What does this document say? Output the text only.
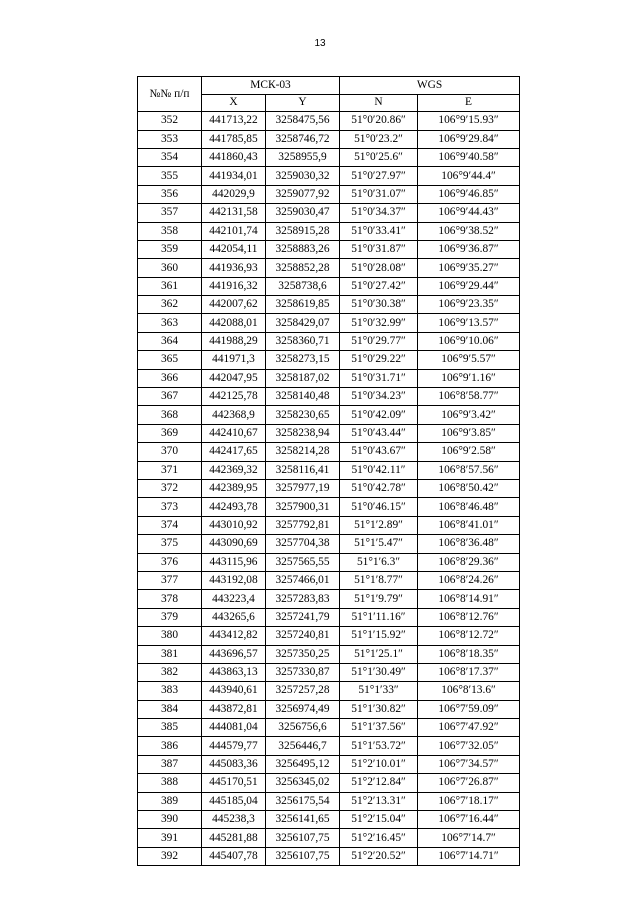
13
№№ п/п	МСК-03		WGS	
	X	Y	N	E
352	441713,22	3258475,56	51°0′20.86″	106°9′15.93″
353	441785,85	3258746,72	51°0′23.2″	106°9′29.84″
354	441860,43	3258955,9	51°0′25.6″	106°9′40.58″
355	441934,01	3259030,32	51°0′27.97″	106°9′44.4″
356	442029,9	3259077,92	51°0′31.07″	106°9′46.85″
357	442131,58	3259030,47	51°0′34.37″	106°9′44.43″
358	442101,74	3258915,28	51°0′33.41″	106°9′38.52″
359	442054,11	3258883,26	51°0′31.87″	106°9′36.87″
360	441936,93	3258852,28	51°0′28.08″	106°9′35.27″
361	441916,32	3258738,6	51°0′27.42″	106°9′29.44″
362	442007,62	3258619,85	51°0′30.38″	106°9′23.35″
363	442088,01	3258429,07	51°0′32.99″	106°9′13.57″
364	441988,29	3258360,71	51°0′29.77″	106°9′10.06″
365	441971,3	3258273,15	51°0′29.22″	106°9′5.57″
366	442047,95	3258187,02	51°0′31.71″	106°9′1.16″
367	442125,78	3258140,48	51°0′34.23″	106°8′58.77″
368	442368,9	3258230,65	51°0′42.09″	106°9′3.42″
369	442410,67	3258238,94	51°0′43.44″	106°9′3.85″
370	442417,65	3258214,28	51°0′43.67″	106°9′2.58″
371	442369,32	3258116,41	51°0′42.11″	106°8′57.56″
372	442389,95	3257977,19	51°0′42.78″	106°8′50.42″
373	442493,78	3257900,31	51°0′46.15″	106°8′46.48″
374	443010,92	3257792,81	51°1′2.89″	106°8′41.01″
375	443090,69	3257704,38	51°1′5.47″	106°8′36.48″
376	443115,96	3257565,55	51°1′6.3″	106°8′29.36″
377	443192,08	3257466,01	51°1′8.77″	106°8′24.26″
378	443223,4	3257283,83	51°1′9.79″	106°8′14.91″
379	443265,6	3257241,79	51°1′11.16″	106°8′12.76″
380	443412,82	3257240,81	51°1′15.92″	106°8′12.72″
381	443696,57	3257350,25	51°1′25.1″	106°8′18.35″
382	443863,13	3257330,87	51°1′30.49″	106°8′17.37″
383	443940,61	3257257,28	51°1′33″	106°8′13.6″
384	443872,81	3256974,49	51°1′30.82″	106°7′59.09″
385	444081,04	3256756,6	51°1′37.56″	106°7′47.92″
386	444579,77	3256446,7	51°1′53.72″	106°7′32.05″
387	445083,36	3256495,12	51°2′10.01″	106°7′34.57″
388	445170,51	3256345,02	51°2′12.84″	106°7′26.87″
389	445185,04	3256175,54	51°2′13.31″	106°7′18.17″
390	445238,3	3256141,65	51°2′15.04″	106°7′16.44″
391	445281,88	3256107,75	51°2′16.45″	106°7′14.7″
392	445407,78	3256107,75	51°2′20.52″	106°7′14.71″
